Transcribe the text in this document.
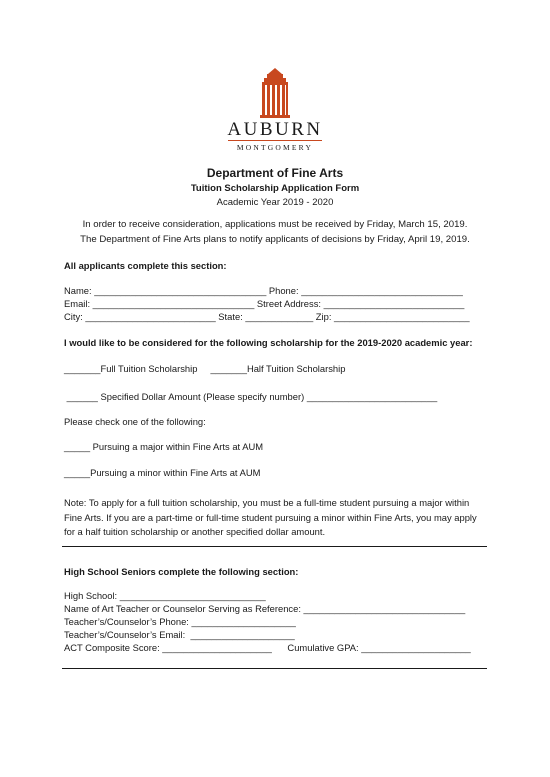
AUBURN
MONTGOMERY
Department of Fine Arts
Tuition Scholarship Application Form
Academic Year 2019 - 2020
In order to receive consideration, applications must be received by Friday, March 15, 2019.
The Department of Fine Arts plans to notify applicants of decisions by Friday, April 19, 2019.
All applicants complete this section:
Name: _________________________________ Phone: _______________________________
Email: _______________________________ Street Address: ___________________________
City: _________________________ State: _____________ Zip: __________________________
I would like to be considered for the following scholarship for the 2019-2020 academic year:
_______Full Tuition Scholarship     _______Half Tuition Scholarship
______ Specified Dollar Amount (Please specify number) _________________________
Please check one of the following:
_____ Pursuing a major within Fine Arts at AUM
_____Pursuing a minor within Fine Arts at AUM
Note: To apply for a full tuition scholarship, you must be a full-time student pursuing a major within Fine Arts. If you are a part-time or full-time student pursuing a minor within Fine Arts, you may apply for a half tuition scholarship or another specified dollar amount.
High School Seniors complete the following section:
High School: ____________________________
Name of Art Teacher or Counselor Serving as Reference: _______________________________
Teacher’s/Counselor’s Phone: ____________________
Teacher’s/Counselor’s Email:  ____________________
ACT Composite Score: _____________________      Cumulative GPA: _____________________
